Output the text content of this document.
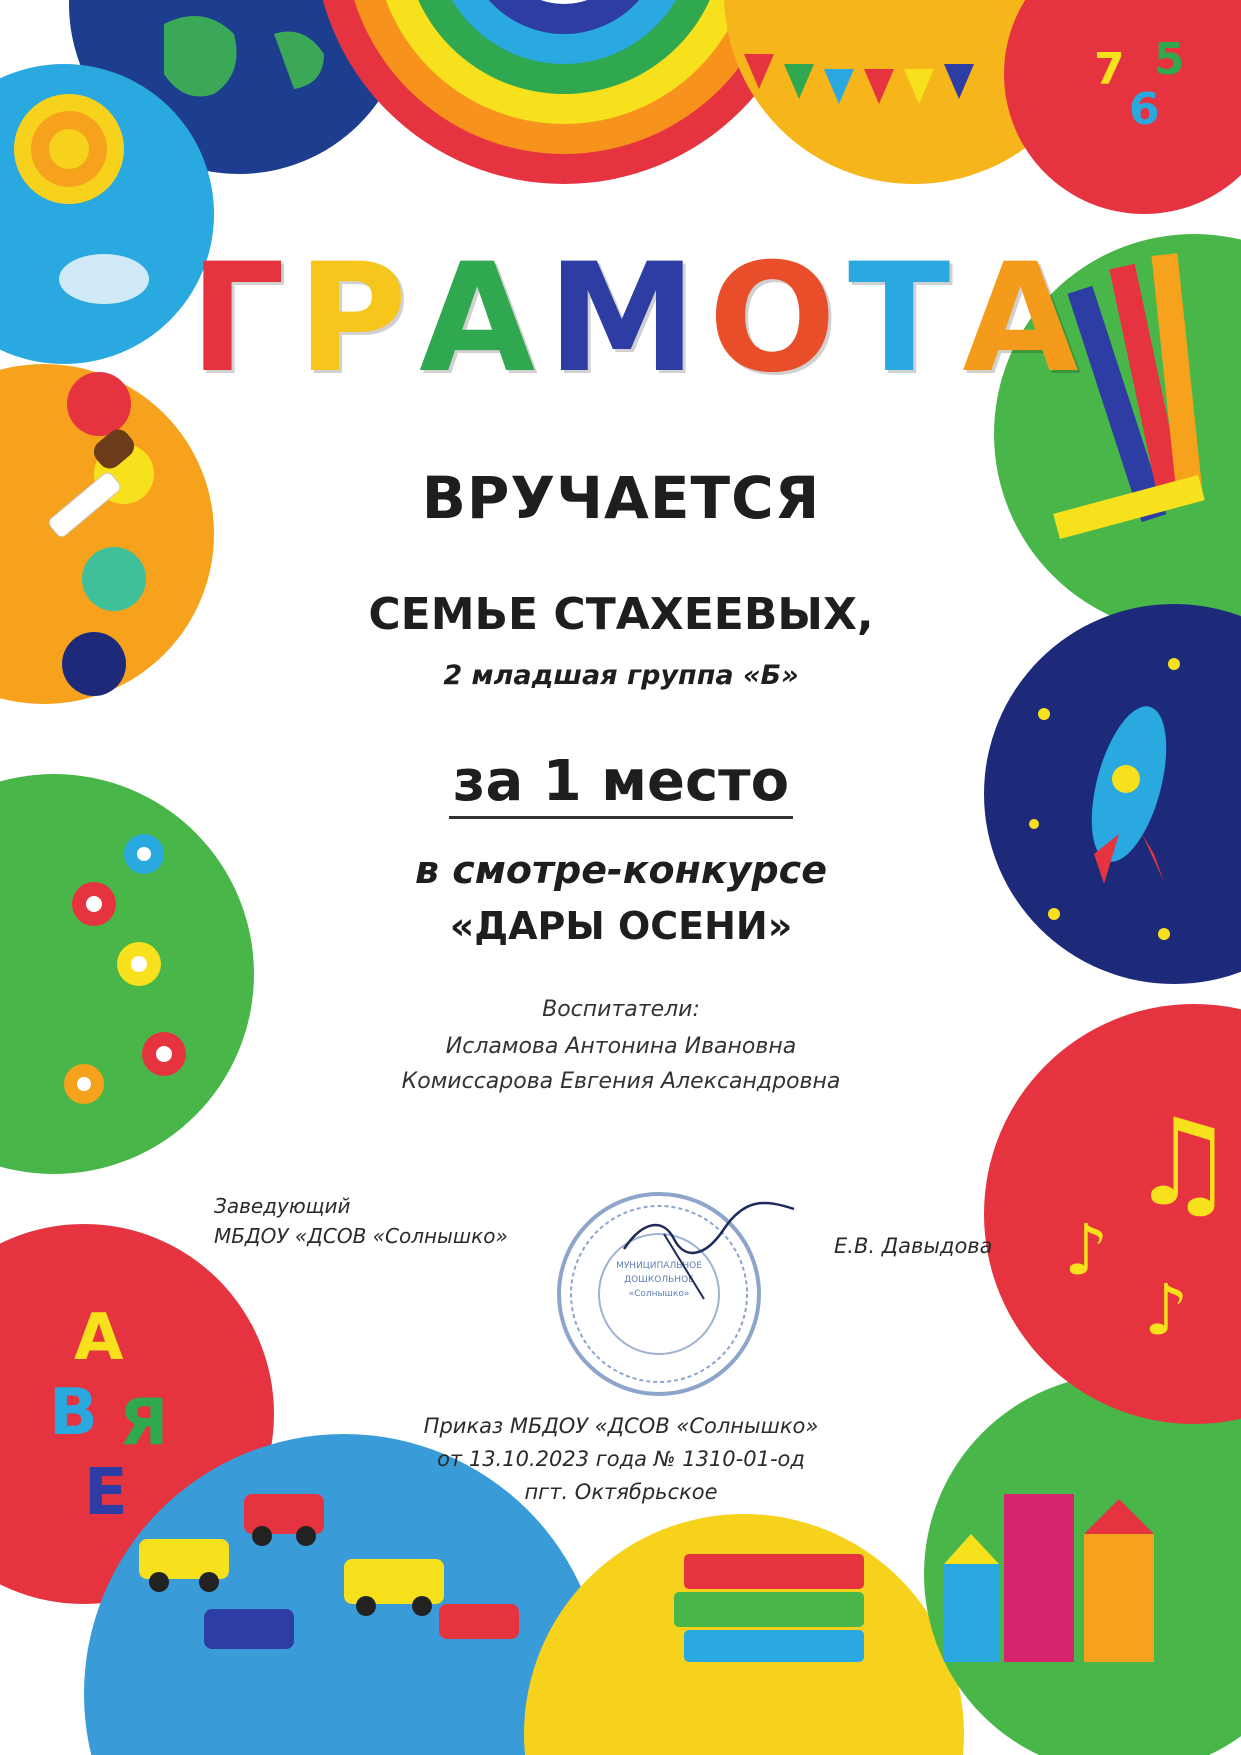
7
6
5
А
В Я
Е
♫
♪
♪
Г Р А М О Т А
ВРУЧАЕТСЯ
СЕМЬЕ СТАХЕЕВЫХ,
2 младшая группа «Б»
за 1 место
в смотре-конкурсе
«ДАРЫ ОСЕНИ»
Воспитатели:
Исламова Антонина Ивановна
Комиссарова Евгения Александровна
Заведующий
МБДОУ «ДСОВ «Солнышко»
МУНИЦИПАЛЬНОЕ
ДОШКОЛЬНОЕ
«Солнышко»
Е.В. Давыдова
Приказ МБДОУ «ДСОВ «Солнышко»
от 13.10.2023 года № 1310-01-од
пгт. Октябрьское
